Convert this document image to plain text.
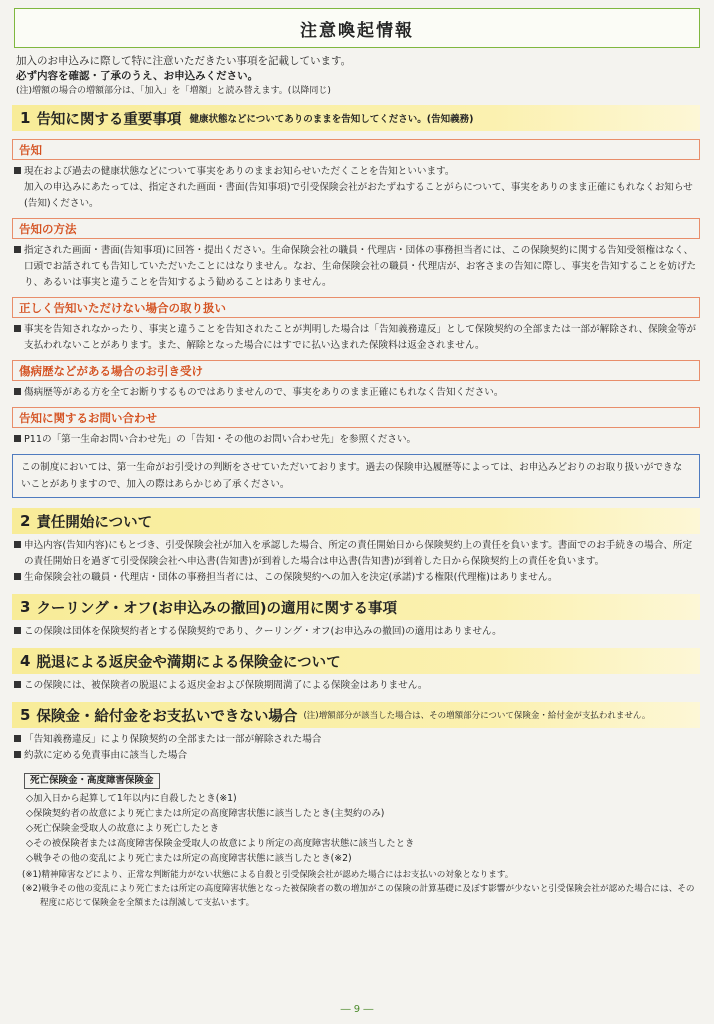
注意喚起情報
加入のお申込みに際して特に注意いただきたい事項を記載しています。
必ず内容を確認・了承のうえ、お申込みください。
(注)増額の場合の増額部分は、「加入」を「増額」と読み替えます。(以降同じ)
1 告知に関する重要事項 健康状態などについてありのままを告知してください。(告知義務)
告知
現在および過去の健康状態などについて事実をありのままお知らせいただくことを告知といいます。
加入の申込みにあたっては、指定された画面・書面(告知事項)で引受保険会社がおたずねすることがらについて、事実をありのまま正確にもれなくお知らせ(告知)ください。
告知の方法
指定された画面・書面(告知事項)に回答・提出ください。生命保険会社の職員・代理店・団体の事務担当者には、この保険契約に関する告知受領権はなく、口頭でお話されても告知していただいたことにはなりません。なお、生命保険会社の職員・代理店が、お客さまの告知に際し、事実を告知することを妨げたり、あるいは事実と違うことを告知するよう勧めることはありません。
正しく告知いただけない場合の取り扱い
事実を告知されなかったり、事実と違うことを告知されたことが判明した場合は「告知義務違反」として保険契約の全部または一部が解除され、保険金等が支払われないことがあります。また、解除となった場合にはすでに払い込まれた保険料は返金されません。
傷病歴などがある場合のお引き受け
傷病歴等がある方を全てお断りするものではありませんので、事実をありのまま正確にもれなく告知ください。
告知に関するお問い合わせ
P11の「第一生命お問い合わせ先」の「告知・その他のお問い合わせ先」を参照ください。
この制度においては、第一生命がお引受けの判断をさせていただいております。過去の保険申込履歴等によっては、お申込みどおりのお取り扱いができないことがありますので、加入の際はあらかじめ了承ください。
2 責任開始について
申込内容(告知内容)にもとづき、引受保険会社が加入を承認した場合、所定の責任開始日から保険契約上の責任を負います。書面でのお手続きの場合、所定の責任開始日を過ぎて引受保険会社へ申込書(告知書)が到着した場合は申込書(告知書)が到着した日から保険契約上の責任を負います。
生命保険会社の職員・代理店・団体の事務担当者には、この保険契約への加入を決定(承諾)する権限(代理権)はありません。
3 クーリング・オフ(お申込みの撤回)の適用に関する事項
この保険は団体を保険契約者とする保険契約であり、クーリング・オフ(お申込みの撤回)の適用はありません。
4 脱退による返戻金や満期による保険金について
この保険には、被保険者の脱退による返戻金および保険期間満了による保険金はありません。
5 保険金・給付金をお支払いできない場合 (注)増額部分が該当した場合は、その増額部分について保険金・給付金が支払われません。
「告知義務違反」により保険契約の全部または一部が解除された場合
約款に定める免責事由に該当した場合
死亡保険金・高度障害保険金
◇加入日から起算して1年以内に自殺したとき(※1)
◇保険契約者の故意により死亡または所定の高度障害状態に該当したとき(主契約のみ)
◇死亡保険金受取人の故意により死亡したとき
◇その被保険者または高度障害保険金受取人の故意により所定の高度障害状態に該当したとき
◇戦争その他の変乱により死亡または所定の高度障害状態に該当したとき(※2)
(※1)精神障害などにより、正常な判断能力がない状態による自殺と引受保険会社が認めた場合にはお支払いの対象となります。
(※2)戦争その他の変乱により死亡または所定の高度障害状態となった被保険者の数の増加がこの保険の計算基礎に及ぼす影響が少ないと引受保険会社が認めた場合には、その程度に応じて保険金を全額または削減して支払います。
― 9 ―
